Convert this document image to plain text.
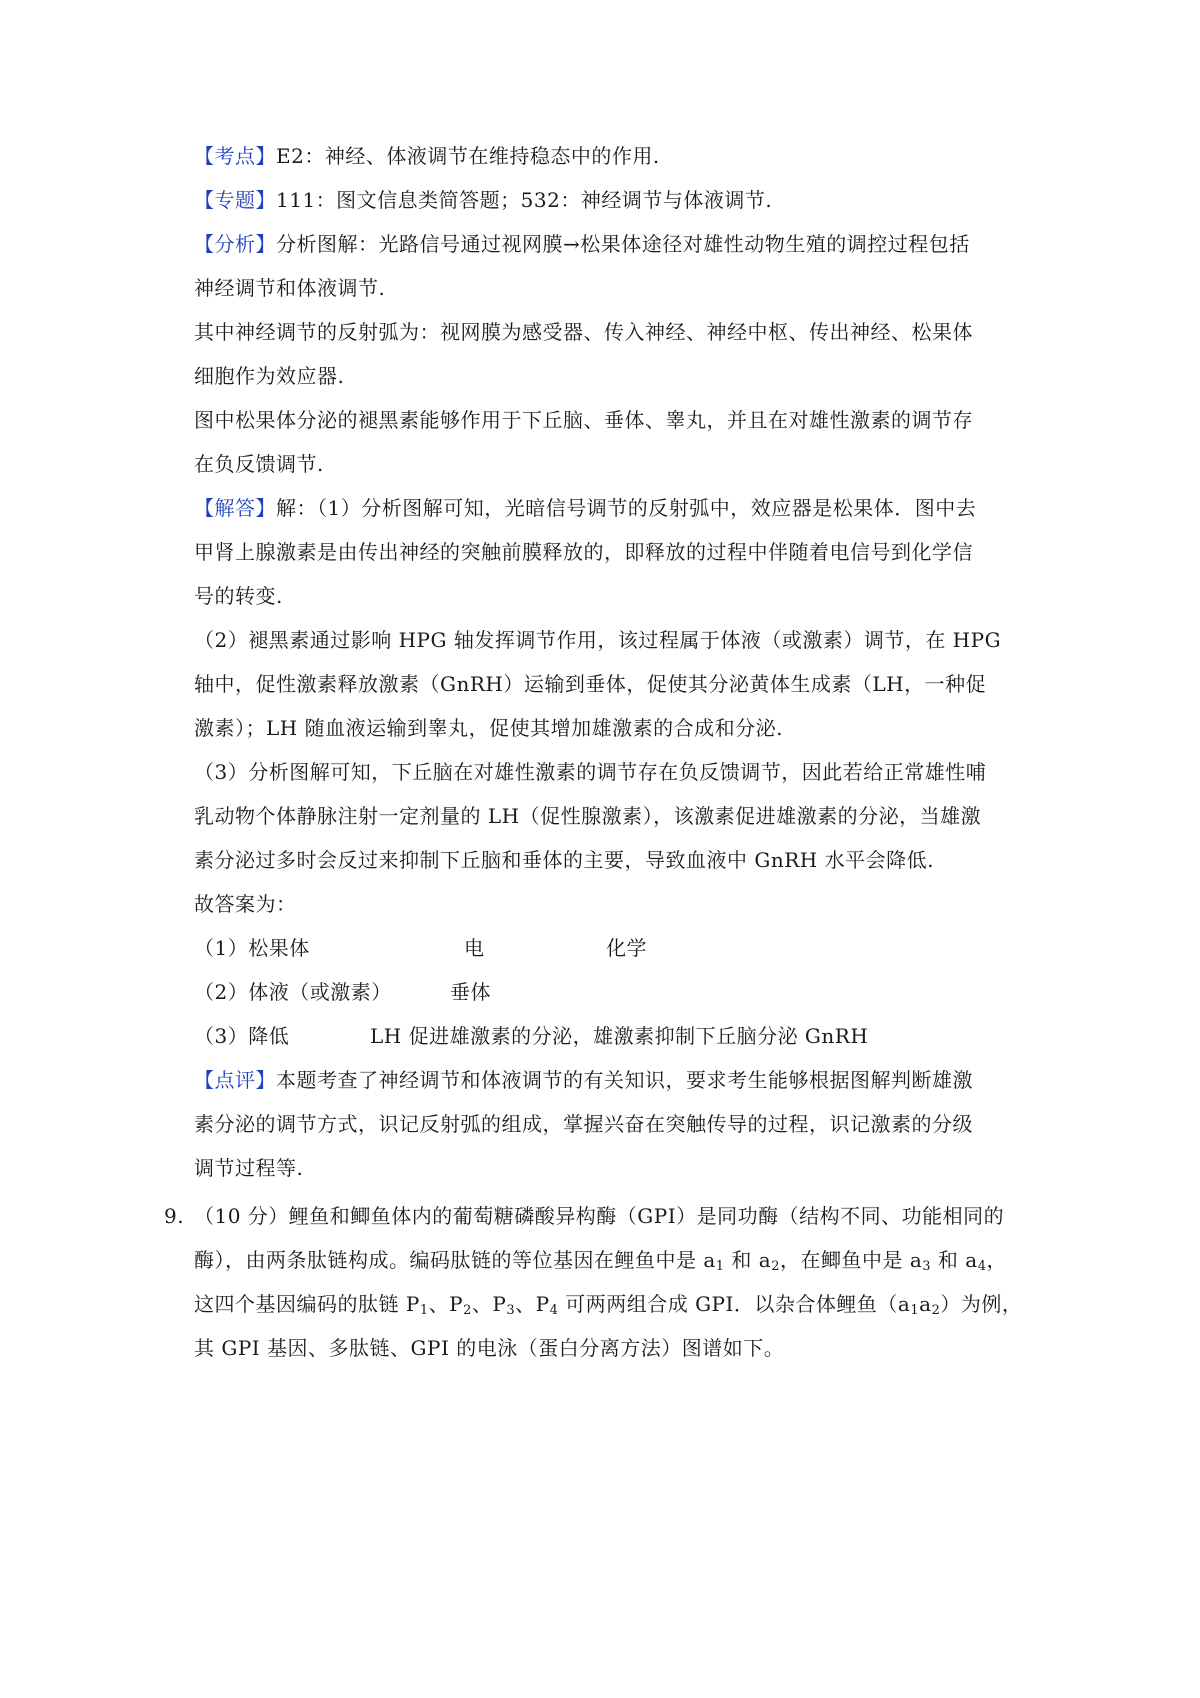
【考点】E2：神经、体液调节在维持稳态中的作用.
【专题】111：图文信息类简答题；532：神经调节与体液调节.
【分析】分析图解：光路信号通过视网膜→松果体途径对雄性动物生殖的调控过程包括
神经调节和体液调节.
其中神经调节的反射弧为：视网膜为感受器、传入神经、神经中枢、传出神经、松果体
细胞作为效应器.
图中松果体分泌的褪黑素能够作用于下丘脑、垂体、睾丸，并且在对雄性激素的调节存
在负反馈调节.
【解答】解：（1）分析图解可知，光暗信号调节的反射弧中，效应器是松果体．图中去
甲肾上腺激素是由传出神经的突触前膜释放的，即释放的过程中伴随着电信号到化学信
号的转变.
（2）褪黑素通过影响 HPG 轴发挥调节作用，该过程属于体液（或激素）调节，在 HPG
轴中，促性激素释放激素（GnRH）运输到垂体，促使其分泌黄体生成素（LH，一种促
激素）；LH 随血液运输到睾丸，促使其增加雄激素的合成和分泌.
（3）分析图解可知，下丘脑在对雄性激素的调节存在负反馈调节，因此若给正常雄性哺
乳动物个体静脉注射一定剂量的 LH（促性腺激素），该激素促进雄激素的分泌，当雄激
素分泌过多时会反过来抑制下丘脑和垂体的主要，导致血液中 GnRH 水平会降低.
故答案为：
（1）松果体	电	化学
（2）体液（或激素）	垂体
（3）降低	LH 促进雄激素的分泌，雄激素抑制下丘脑分泌 GnRH
【点评】本题考查了神经调节和体液调节的有关知识，要求考生能够根据图解判断雄激
素分泌的调节方式，识记反射弧的组成，掌握兴奋在突触传导的过程，识记激素的分级
调节过程等.
9. （10 分）鲤鱼和鲫鱼体内的葡萄糖磷酸异构酶（GPI）是同功酶（结构不同、功能相同的
酶），由两条肽链构成。编码肽链的等位基因在鲤鱼中是 $a_1$ 和 $a_2$，在鲫鱼中是 $a_3$ 和 $a_4$，
这四个基因编码的肽链 $P_1$、$P_2$、$P_3$、$P_4$ 可两两组合成 GPI．以杂合体鲤鱼$(a_1a_2)$为例，
其 GPI 基因、多肽链、GPI 的电泳（蛋白分离方法）图谱如下。
